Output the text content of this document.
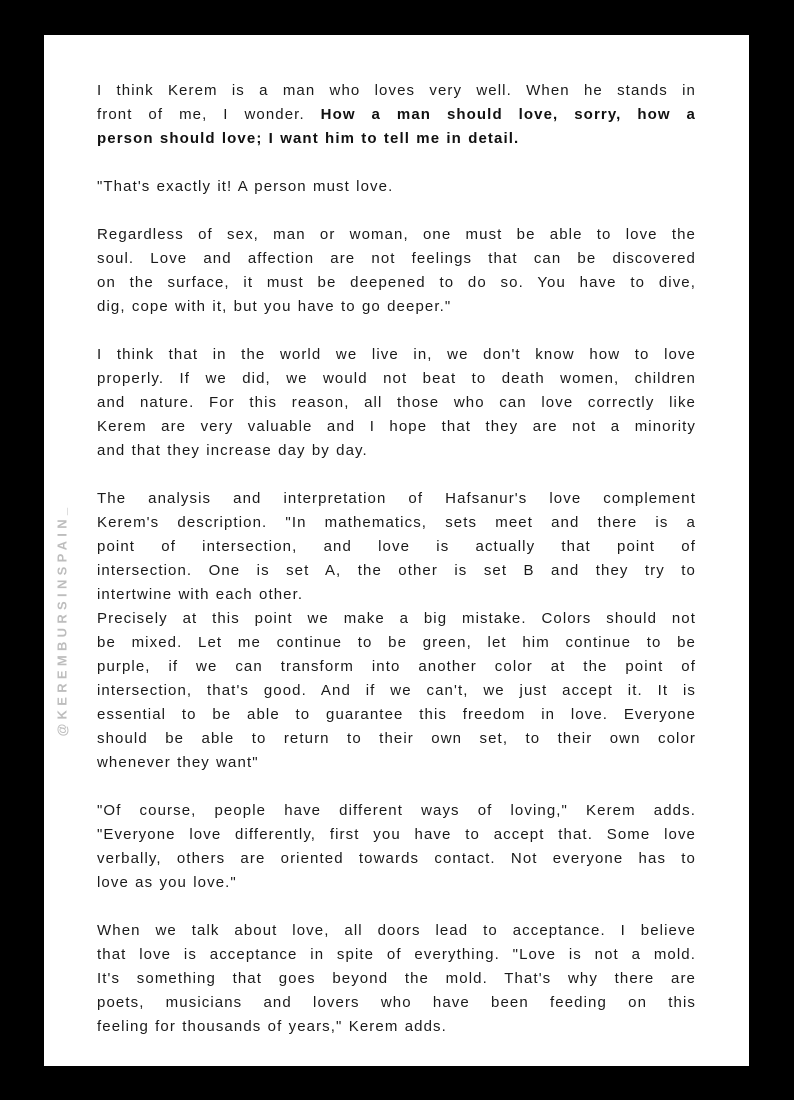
@KEREMBURSINSPAIN_
I think Kerem is a man who loves very well. When he stands in
front of me, I wonder. How a man should love, sorry, how a
person should love; I want him to tell me in detail.
"That's exactly it! A person must love.
Regardless of sex, man or woman, one must be able to love the
soul. Love and affection are not feelings that can be discovered
on the surface, it must be deepened to do so. You have to dive,
dig, cope with it, but you have to go deeper."
I think that in the world we live in, we don't know how to love
properly. If we did, we would not beat to death women, children
and nature. For this reason, all those who can love correctly like
Kerem are very valuable and I hope that they are not a minority
and that they increase day by day.
The analysis and interpretation of Hafsanur's love complement
Kerem's description. "In mathematics, sets meet and there is a
point of intersection, and love is actually that point of
intersection. One is set A, the other is set B and they try to
intertwine with each other.
Precisely at this point we make a big mistake. Colors should not
be mixed. Let me continue to be green, let him continue to be
purple, if we can transform into another color at the point of
intersection, that's good. And if we can't, we just accept it. It is
essential to be able to guarantee this freedom in love. Everyone
should be able to return to their own set, to their own color
whenever they want"
"Of course, people have different ways of loving," Kerem adds.
"Everyone love differently, first you have to accept that. Some love
verbally, others are oriented towards contact. Not everyone has to
love as you love."
When we talk about love, all doors lead to acceptance. I believe
that love is acceptance in spite of everything. "Love is not a mold.
It's something that goes beyond the mold. That's why there are
poets, musicians and lovers who have been feeding on this
feeling for thousands of years," Kerem adds.
